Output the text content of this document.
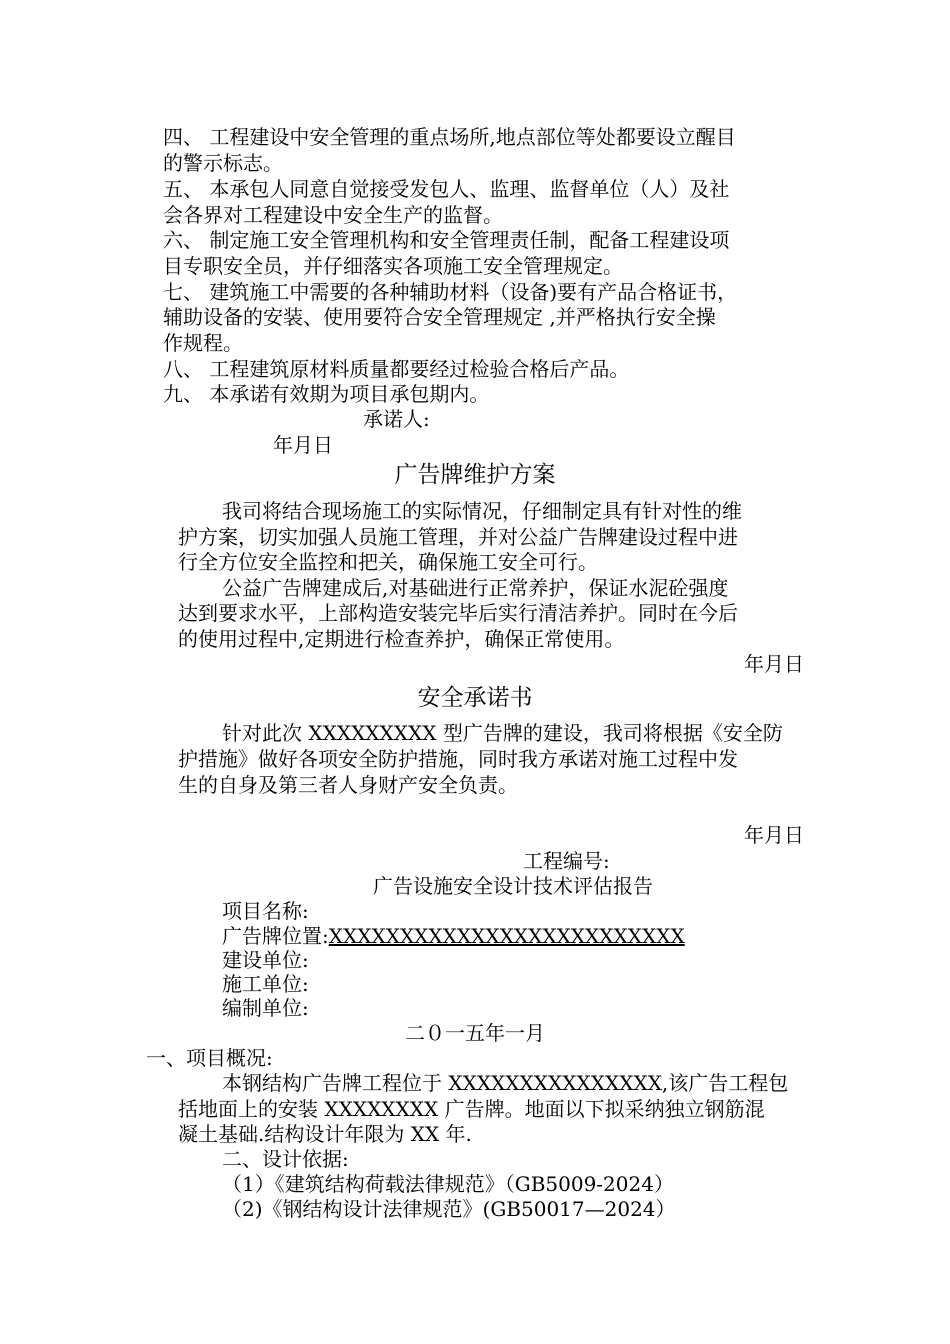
四、 工程建设中安全管理的重点场所,地点部位等处都要设立醒目
的警示标志。
五、 本承包人同意自觉接受发包人、监理、监督单位（人）及社
会各界对工程建设中安全生产的监督。
六、 制定施工安全管理机构和安全管理责任制，配备工程建设项
目专职安全员，并仔细落实各项施工安全管理规定。
七、 建筑施工中需要的各种辅助材料（设备)要有产品合格证书，
辅助设备的安装、使用要符合安全管理规定 ,并严格执行安全操
作规程。
八、 工程建筑原材料质量都要经过检验合格后产品。
九、 本承诺有效期为项目承包期内。
承诺人:
年月日
广告牌维护方案
我司将结合现场施工的实际情况，仔细制定具有针对性的维
护方案，切实加强人员施工管理，并对公益广告牌建设过程中进
行全方位安全监控和把关，确保施工安全可行。
公益广告牌建成后,对基础进行正常养护，保证水泥砼强度
达到要求水平，上部构造安装完毕后实行清洁养护。同时在今后
的使用过程中,定期进行检查养护，确保正常使用。
年月日
安全承诺书
针对此次 XXXXXXXXX 型广告牌的建设，我司将根据《安全防
护措施》做好各项安全防护措施，同时我方承诺对施工过程中发
生的自身及第三者人身财产安全负责。
年月日
工程编号:
广告设施安全设计技术评估报告
项目名称:
广告牌位置:XXXXXXXXXXXXXXXXXXXXXXXXX
建设单位:
施工单位:
编制单位:
二０一五年一月
一、项目概况:
本钢结构广告牌工程位于 XXXXXXXXXXXXXXX,该广告工程包
括地面上的安装 XXXXXXXX 广告牌。地面以下拟采纳独立钢筋混
凝土基础.结构设计年限为 XX 年.
二、设计依据:
（1）《建筑结构荷载法律规范》（GB5009-2024）
（2)《钢结构设计法律规范》(GB50017—2024）
